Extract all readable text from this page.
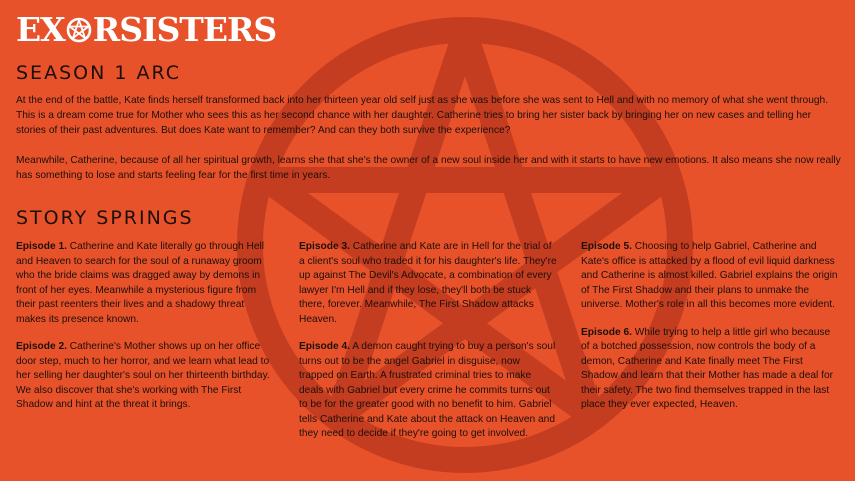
EX RSISTERS
SEASON 1 ARC

At the end of the battle, Kate finds herself transformed back into her thirteen year old self just as she was before she was sent to Hell and with no memory of what she went through. This is a dream come true for Mother who sees this as her second chance with her daughter. Catherine tries to bring her sister back by bringing her on new cases and telling her stories of their past adventures. But does Kate want to remember? And can they both survive the experience?

Meanwhile, Catherine, because of all her spiritual growth, learns she that she's the owner of a new soul inside her and with it starts to have new emotions. It also means she now really has something to lose and starts feeling fear for the first time in years.

STORY SPRINGS

Episode 1. Catherine and Kate literally go through Hell and Heaven to search for the soul of a runaway groom who the bride claims was dragged away by demons in front of her eyes. Meanwhile a mysterious figure from their past reenters their lives and a shadowy threat makes its presence known.

Episode 2. Catherine's Mother shows up on her office door step, much to her horror, and we learn what lead to her selling her daughter's soul on her thirteenth birthday. We also discover that she's working with The First Shadow and hint at the threat it brings.

Episode 3. Catherine and Kate are in Hell for the trial of a client's soul who traded it for his daughter's life. They're up against The Devil's Advocate, a combination of every lawyer I'm Hell and if they lose, they'll both be stuck there, forever. Meanwhile, The First Shadow attacks Heaven.

Episode 4. A demon caught trying to buy a person's soul turns out to be the angel Gabriel in disguise, now trapped on Earth. A frustrated criminal tries to make deals with Gabriel but every crime he commits turns out to be for the greater good with no benefit to him. Gabriel tells Catherine and Kate about the attack on Heaven and they need to decide if they're going to get involved.

Episode 5. Choosing to help Gabriel, Catherine and Kate's office is attacked by a flood of evil liquid darkness and Catherine is almost killed. Gabriel explains the origin of The First Shadow and their plans to unmake the universe. Mother's role in all this becomes more evident.

Episode 6. While trying to help a little girl who because of a botched possession, now controls the body of a demon, Catherine and Kate finally meet The First Shadow and learn that their Mother has made a deal for their safety. The two find themselves trapped in the last place they ever expected, Heaven.
